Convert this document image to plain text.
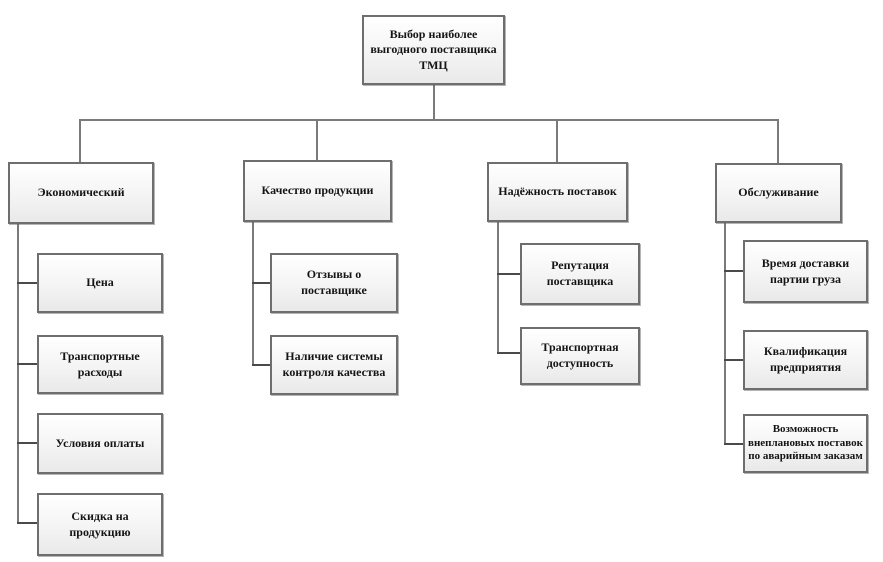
Выбор наиболее выгодного поставщика ТМЦ
Экономический	Качество продукции	Надёжность поставок	Обслуживание
Цена
Транспортные расходы
Условия оплаты
Скидка на продукцию
Отзывы о поставщике
Наличие системы контроля качества
Репутация поставщика
Транспортная доступность
Время доставки партии груза
Квалификация предприятия
Возможность внеплановых поставок по аварийным заказам
